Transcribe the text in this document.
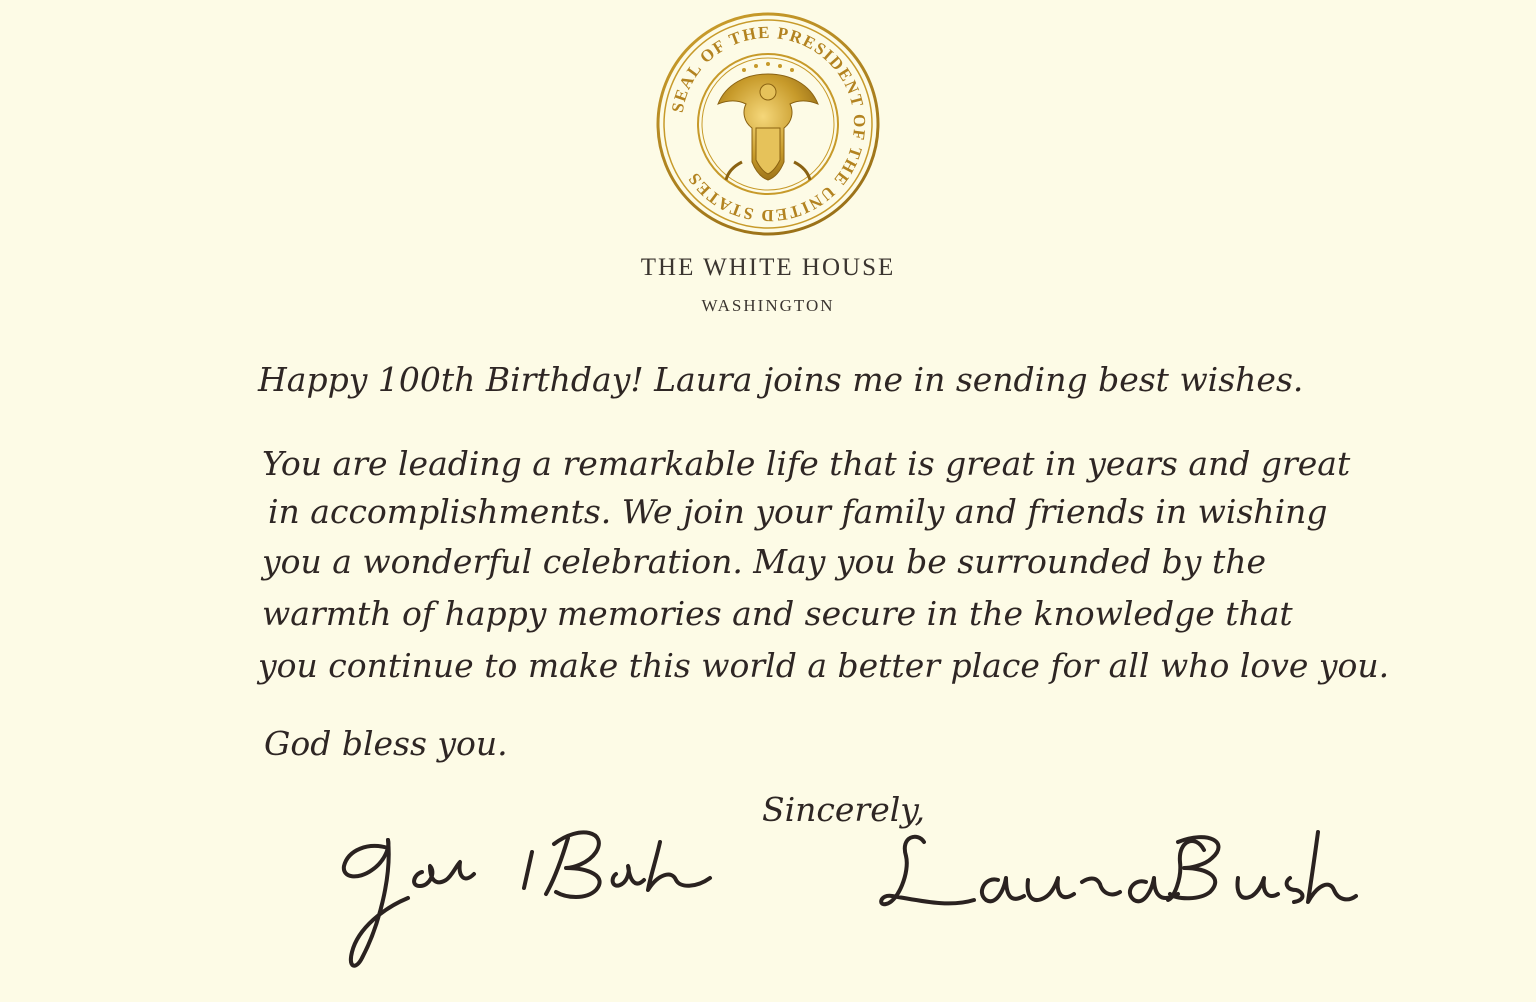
SEAL OF THE PRESIDENT OF THE UNITED STATES
THE WHITE HOUSE
WASHINGTON
Happy 100th Birthday! Laura joins me in sending best wishes.
You are leading a remarkable life that is great in years and great
in accomplishments. We join your family and friends in wishing
you a wonderful celebration. May you be surrounded by the
warmth of happy memories and secure in the knowledge that
you continue to make this world a better place for all who love you.
God bless you.
Sincerely,
